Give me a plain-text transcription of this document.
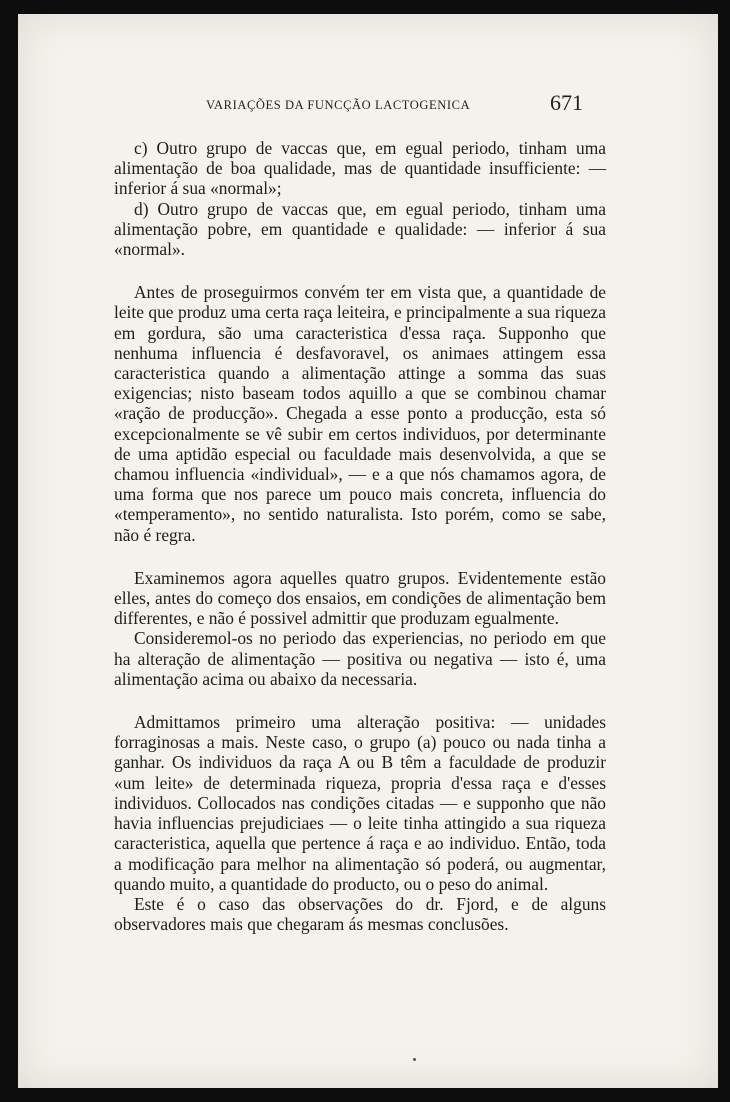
VARIAÇÕES DA FUNCÇÃO LACTOGENICA	671

c) Outro grupo de vaccas que, em egual periodo, tinham uma alimentação de boa qualidade, mas de quantidade insufficiente: — inferior á sua «normal»;

d) Outro grupo de vaccas que, em egual periodo, tinham uma alimentação pobre, em quantidade e qualidade: — inferior á sua «normal».

Antes de proseguirmos convém ter em vista que, a quantidade de leite que produz uma certa raça leiteira, e principalmente a sua riqueza em gordura, são uma caracteristica d'essa raça. Supponho que nenhuma influencia é desfavoravel, os animaes attingem essa caracteristica quando a alimentação attinge a somma das suas exigencias; nisto baseam todos aquillo a que se combinou chamar «ração de producção». Chegada a esse ponto a producção, esta só excepcionalmente se vê subir em certos individuos, por determinante de uma aptidão especial ou faculdade mais desenvolvida, a que se chamou influencia «individual», — e a que nós chamamos agora, de uma forma que nos parece um pouco mais concreta, influencia do «temperamento», no sentido naturalista. Isto porém, como se sabe, não é regra.

Examinemos agora aquelles quatro grupos. Evidentemente estão elles, antes do começo dos ensaios, em condições de alimentação bem differentes, e não é possivel admittir que produzam egualmente.

Consideremol-os no periodo das experiencias, no periodo em que ha alteração de alimentação — positiva ou negativa — isto é, uma alimentação acima ou abaixo da necessaria.

Admittamos primeiro uma alteração positiva: — unidades forraginosas a mais. Neste caso, o grupo (a) pouco ou nada tinha a ganhar. Os individuos da raça A ou B têm a faculdade de produzir «um leite» de determinada riqueza, propria d'essa raça e d'esses individuos. Collocados nas condições citadas — e supponho que não havia influencias prejudiciaes — o leite tinha attingido a sua riqueza caracteristica, aquella que pertence á raça e ao individuo. Então, toda a modificação para melhor na alimentação só poderá, ou augmentar, quando muito, a quantidade do producto, ou o peso do animal.

Este é o caso das observações do dr. Fjord, e de alguns observadores mais que chegaram ás mesmas conclusões.
